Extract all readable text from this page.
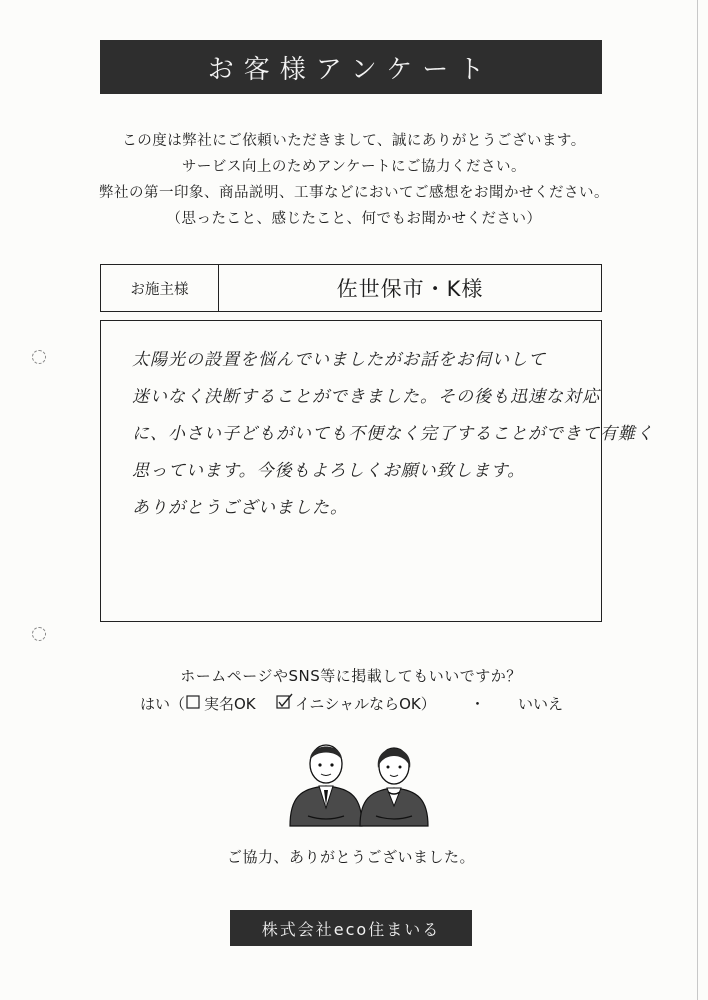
お客様アンケート
この度は弊社にご依頼いただきまして、誠にありがとうございます。
サービス向上のためアンケートにご協力ください。
弊社の第一印象、商品説明、工事などにおいてご感想をお聞かせください。
（思ったこと、感じたこと、何でもお聞かせください）
お施主様	佐世保市・K様
太陽光の設置を悩んでいましたがお話をお伺いして
迷いなく決断することができました。その後も迅速な対応
に、小さい子どもがいても不便なく完了することができて有難く
思っています。今後もよろしくお願い致します。
ありがとうございました。
ホームページやSNS等に掲載してもいいですか？
はい（ 実名OK	イニシャルならOK） ・ いいえ
ご協力、ありがとうございました。
株式会社eco住まいる
